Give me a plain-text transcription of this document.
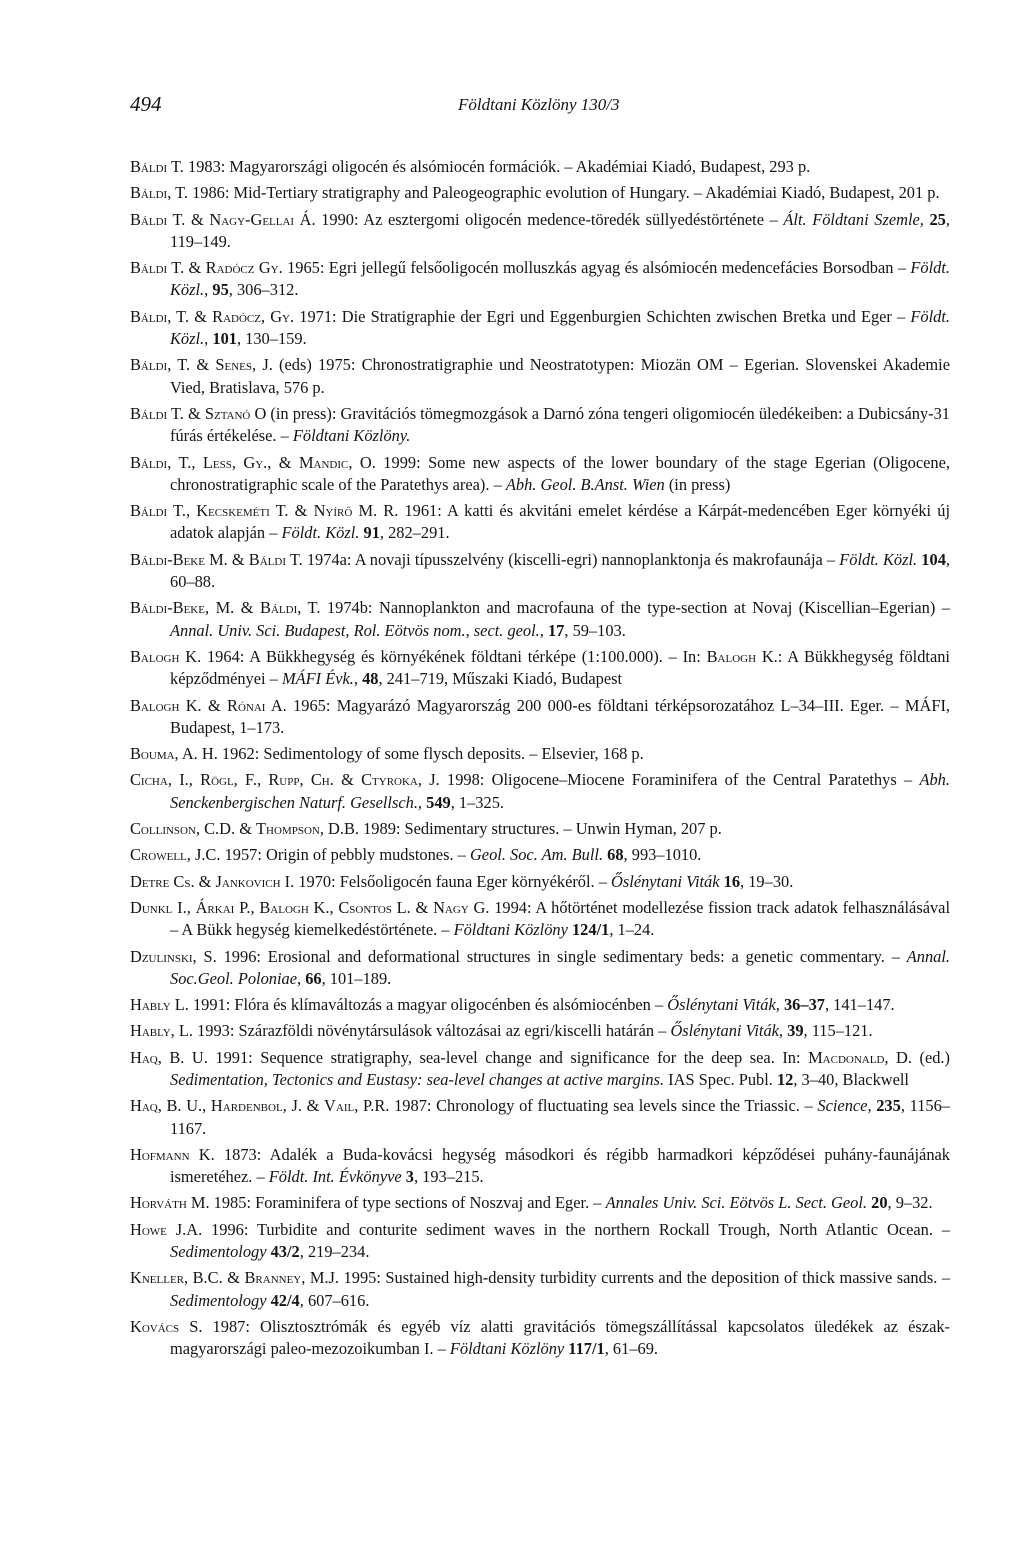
494	Földtani Közlöny 130/3

Báldi T. 1983: Magyarországi oligocén és alsómiocén formációk. – Akadémiai Kiadó, Budapest, 293 p.

Báldi, T. 1986: Mid-Tertiary stratigraphy and Paleogeographic evolution of Hungary. – Akadémiai Kiadó, Budapest, 201 p.

Báldi T. & Nagy-Gellai Á. 1990: Az esztergomi oligocén medence-töredék süllyedéstörténete – Ált. Földtani Szemle, 25, 119–149.

Báldi T. & Radócz Gy. 1965: Egri jellegű felsőoligocén molluszkás agyag és alsómiocén medencefácies Borsodban – Földt. Közl., 95, 306–312.

Báldi, T. & Radócz, Gy. 1971: Die Stratigraphie der Egri und Eggenburgien Schichten zwischen Bretka und Eger – Földt. Közl., 101, 130–159.

Báldi, T. & Senes, J. (eds) 1975: Chronostratigraphie und Neostratotypen: Miozän OM – Egerian. Slovenskei Akademie Vied, Bratislava, 576 p.

Báldi T. & Sztanó O (in press): Gravitációs tömegmozgások a Darnó zóna tengeri oligomiocén üledékeiben: a Dubicsány-31 fúrás értékelése. – Földtani Közlöny.

Báldi, T., Less, Gy., & Mandic, O. 1999: Some new aspects of the lower boundary of the stage Egerian (Oligocene, chronostratigraphic scale of the Paratethys area). – Abh. Geol. B.Anst. Wien (in press)

Báldi T., Kecskeméti T. & Nyírő M. R. 1961: A katti és akvitáni emelet kérdése a Kárpát-medencében Eger környéki új adatok alapján – Földt. Közl. 91, 282–291.

Báldi-Beke M. & Báldi T. 1974a: A novaji típusszelvény (kiscelli-egri) nannoplanktonja és makrofaunája – Földt. Közl. 104, 60–88.

Báldi-Beke, M. & Báldi, T. 1974b: Nannoplankton and macrofauna of the type-section at Novaj (Kiscellian–Egerian) – Annal. Univ. Sci. Budapest, Rol. Eötvös nom., sect. geol., 17, 59–103.

Balogh K. 1964: A Bükkhegység és környékének földtani térképe (1:100.000). – In: Balogh K.: A Bükkhegység földtani képződményei – MÁFI Évk., 48, 241–719, Műszaki Kiadó, Budapest

Balogh K. & Rónai A. 1965: Magyarázó Magyarország 200 000-es földtani térképsorozatához L–34–III. Eger. – MÁFI, Budapest, 1–173.

Bouma, A. H. 1962: Sedimentology of some flysch deposits. – Elsevier, 168 p.

Cicha, I., Rögl, F., Rupp, Ch. & Ctyroka, J. 1998: Oligocene–Miocene Foraminifera of the Central Paratethys – Abh. Senckenbergischen Naturf. Gesellsch., 549, 1–325.

Collinson, C.D. & Thompson, D.B. 1989: Sedimentary structures. – Unwin Hyman, 207 p.

Crowell, J.C. 1957: Origin of pebbly mudstones. – Geol. Soc. Am. Bull. 68, 993–1010.

Detre Cs. & Jankovich I. 1970: Felsőoligocén fauna Eger környékéről. – Őslénytani Viták 16, 19–30.

Dunkl I., Árkai P., Balogh K., Csontos L. & Nagy G. 1994: A hőtörténet modellezése fission track adatok felhasználásával – A Bükk hegység kiemelkedéstörténete. – Földtani Közlöny 124/1, 1–24.

Dzulinski, S. 1996: Erosional and deformational structures in single sedimentary beds: a genetic commentary. – Annal. Soc.Geol. Poloniae, 66, 101–189.

Hably L. 1991: Flóra és klímaváltozás a magyar oligocénben és alsómiocénben – Őslénytani Viták, 36–37, 141–147.

Hably, L. 1993: Szárazföldi növénytársulások változásai az egri/kiscelli határán – Őslénytani Viták, 39, 115–121.

Haq, B. U. 1991: Sequence stratigraphy, sea-level change and significance for the deep sea. In: Macdonald, D. (ed.) Sedimentation, Tectonics and Eustasy: sea-level changes at active margins. IAS Spec. Publ. 12, 3–40, Blackwell

Haq, B. U., Hardenbol, J. & Vail, P.R. 1987: Chronology of fluctuating sea levels since the Triassic. – Science, 235, 1156–1167.

Hofmann K. 1873: Adalék a Buda-kovácsi hegység másodkori és régibb harmadkori képződései puhány-faunájának ismeretéhez. – Földt. Int. Évkönyve 3, 193–215.

Horváth M. 1985: Foraminifera of type sections of Noszvaj and Eger. – Annales Univ. Sci. Eötvös L. Sect. Geol. 20, 9–32.

Howe J.A. 1996: Turbidite and conturite sediment waves in the northern Rockall Trough, North Atlantic Ocean. – Sedimentology 43/2, 219–234.

Kneller, B.C. & Branney, M.J. 1995: Sustained high-density turbidity currents and the deposition of thick massive sands. – Sedimentology 42/4, 607–616.

Kovács S. 1987: Olisztosztrómák és egyéb víz alatti gravitációs tömegszállítással kapcsolatos üledékek az észak-magyarországi paleo-mezozoikumban I. – Földtani Közlöny 117/1, 61–69.
